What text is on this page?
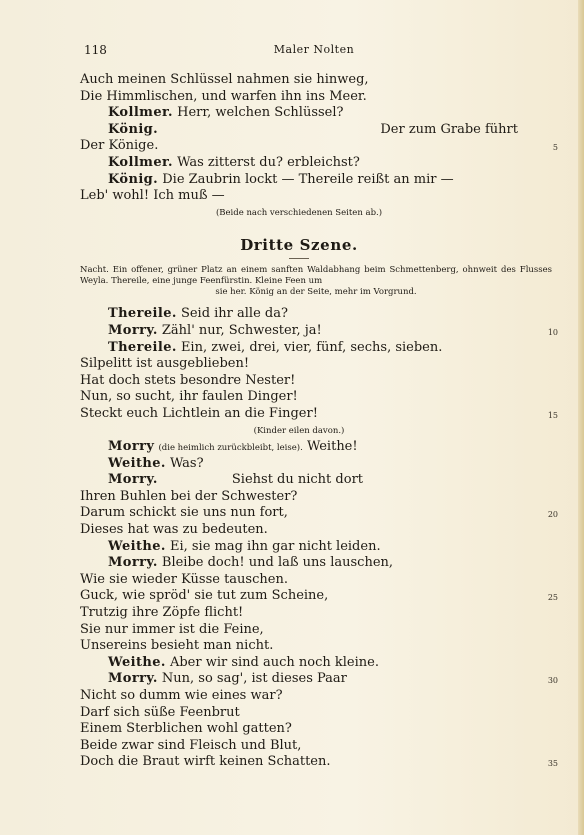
118	Maler Nolten
Auch meinen Schlüssel nahmen sie hinweg,
Die Himmlischen, und warfen ihn ins Meer.
Kollmer. Herr, welchen Schlüssel?
König.	Der zum Grabe führt
Der Könige.	5
Kollmer. Was zitterst du? erbleichst?
König. Die Zaubrin lockt — Thereile reißt an mir —
Leb' wohl! Ich muß —
(Beide nach verschiedenen Seiten ab.)
Dritte Szene.
Nacht. Ein offener, grüner Platz an einem sanften Waldabhang beim Schmettenberg, ohnweit des Flusses Weyla. Thereile, eine junge Feenfürstin. Kleine Feen um
sie her. König an der Seite, mehr im Vorgrund.
Thereile. Seid ihr alle da?
Morry. Zähl' nur, Schwester, ja!	10
Thereile. Ein, zwei, drei, vier, fünf, sechs, sieben.
Silpelitt ist ausgeblieben!
Hat doch stets besondre Nester!
Nun, so sucht, ihr faulen Dinger!
Steckt euch Lichtlein an die Finger!	15
(Kinder eilen davon.)
Morry (die heimlich zurückbleibt, leise). Weithe!
Weithe. Was?
Morry.	Siehst du nicht dort
Ihren Buhlen bei der Schwester?
Darum schickt sie uns nun fort,	20
Dieses hat was zu bedeuten.
Weithe. Ei, sie mag ihn gar nicht leiden.
Morry. Bleibe doch! und laß uns lauschen,
Wie sie wieder Küsse tauschen.
Guck, wie spröd' sie tut zum Scheine,	25
Trutzig ihre Zöpfe flicht!
Sie nur immer ist die Feine,
Unsereins besieht man nicht.
Weithe. Aber wir sind auch noch kleine.
Morry. Nun, so sag', ist dieses Paar	30
Nicht so dumm wie eines war?
Darf sich süße Feenbrut
Einem Sterblichen wohl gatten?
Beide zwar sind Fleisch und Blut,
Doch die Braut wirft keinen Schatten.	35
